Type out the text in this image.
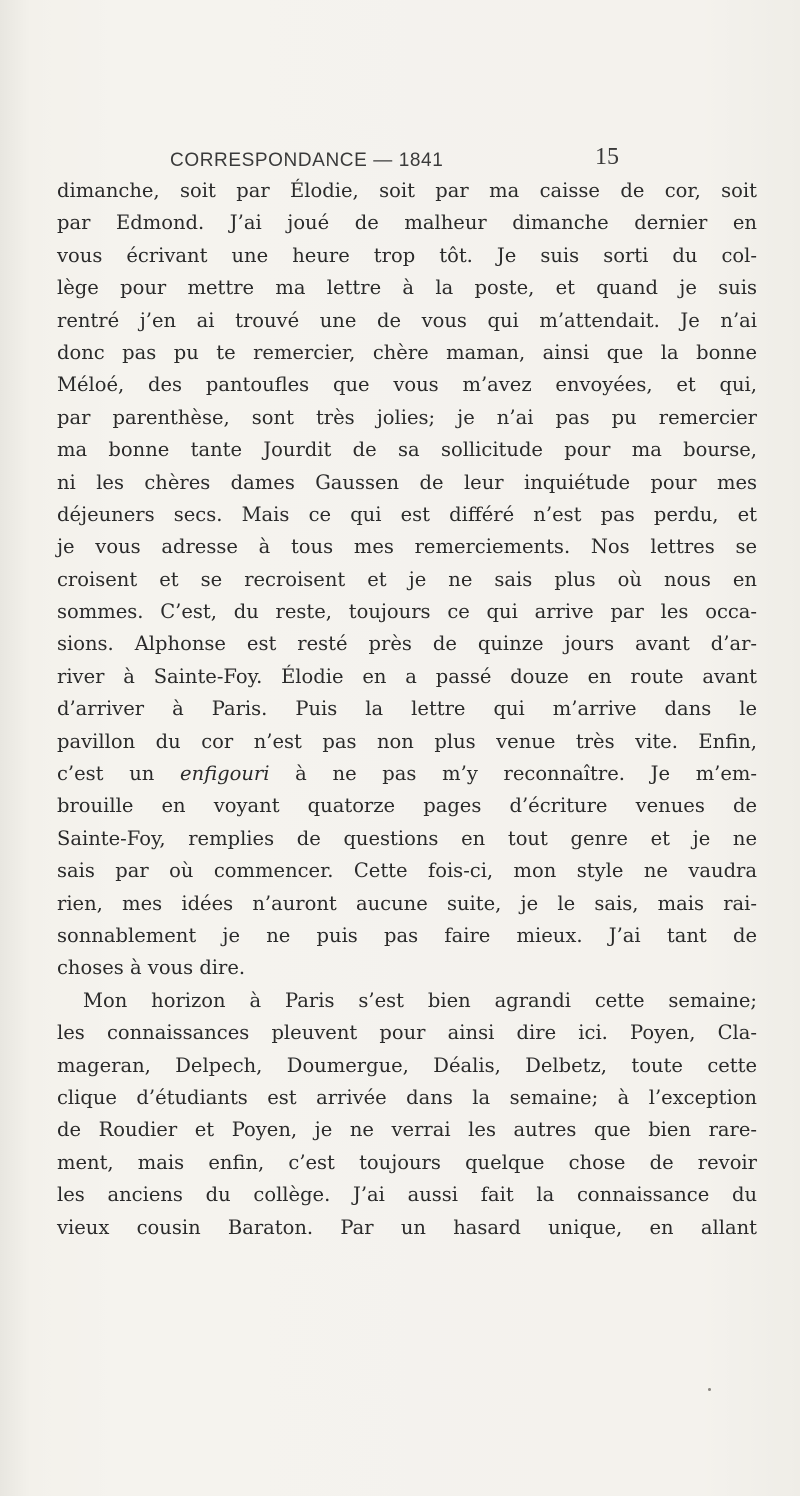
CORRESPONDANCE — 1841	15
dimanche, soit par Élodie, soit par ma caisse de cor, soit
par Edmond. J’ai joué de malheur dimanche dernier en
vous écrivant une heure trop tôt. Je suis sorti du col-
lège pour mettre ma lettre à la poste, et quand je suis
rentré j’en ai trouvé une de vous qui m’attendait. Je n’ai
donc pas pu te remercier, chère maman, ainsi que la bonne
Méloé, des pantoufles que vous m’avez envoyées, et qui,
par parenthèse, sont très jolies; je n’ai pas pu remercier
ma bonne tante Jourdit de sa sollicitude pour ma bourse,
ni les chères dames Gaussen de leur inquiétude pour mes
déjeuners secs. Mais ce qui est différé n’est pas perdu, et
je vous adresse à tous mes remerciements. Nos lettres se
croisent et se recroisent et je ne sais plus où nous en
sommes. C’est, du reste, toujours ce qui arrive par les occa-
sions. Alphonse est resté près de quinze jours avant d’ar-
river à Sainte-Foy. Élodie en a passé douze en route avant
d’arriver à Paris. Puis la lettre qui m’arrive dans le
pavillon du cor n’est pas non plus venue très vite. Enfin,
c’est un enfigouri à ne pas m’y reconnaître. Je m’em-
brouille en voyant quatorze pages d’écriture venues de
Sainte-Foy, remplies de questions en tout genre et je ne
sais par où commencer. Cette fois-ci, mon style ne vaudra
rien, mes idées n’auront aucune suite, je le sais, mais rai-
sonnablement je ne puis pas faire mieux. J’ai tant de
choses à vous dire.
Mon horizon à Paris s’est bien agrandi cette semaine;
les connaissances pleuvent pour ainsi dire ici. Poyen, Cla-
mageran, Delpech, Doumergue, Déalis, Delbetz, toute cette
clique d’étudiants est arrivée dans la semaine; à l’exception
de Roudier et Poyen, je ne verrai les autres que bien rare-
ment, mais enfin, c’est toujours quelque chose de revoir
les anciens du collège. J’ai aussi fait la connaissance du
vieux cousin Baraton. Par un hasard unique, en allant
